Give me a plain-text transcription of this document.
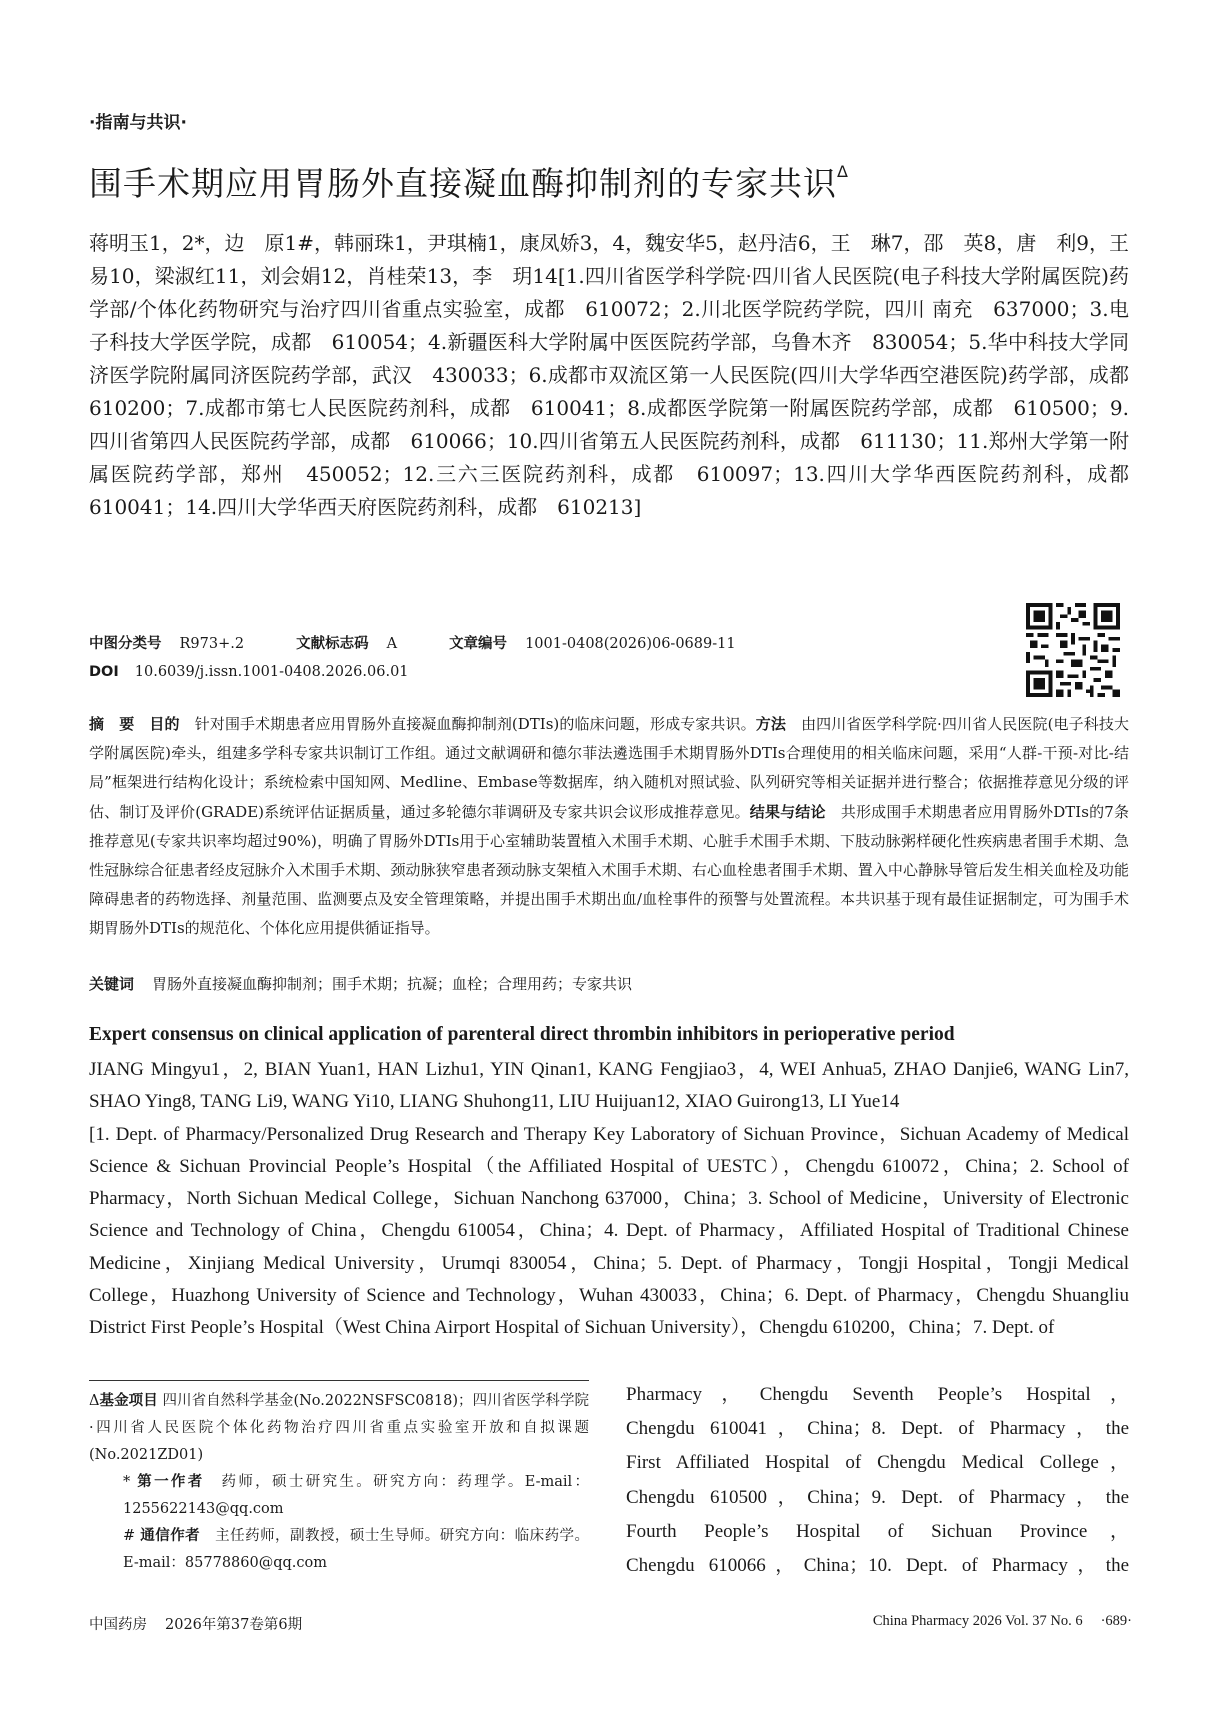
·指南与共识·
围手术期应用胃肠外直接凝血酶抑制剂的专家共识$^\Delta$
蒋明玉1，2*，边　原1#，韩丽珠1，尹琪楠1，康凤娇3，4，魏安华5，赵丹洁6，王　琳7，邵　英8，唐　利9，王　易10，梁淑红11，刘会娟12，肖桂荣13，李　玥14[1.四川省医学科学院·四川省人民医院(电子科技大学附属医院)药学部/个体化药物研究与治疗四川省重点实验室，成都　610072；2.川北医学院药学院，四川 南充　637000；3.电子科技大学医学院，成都　610054；4.新疆医科大学附属中医医院药学部，乌鲁木齐　830054；5.华中科技大学同济医学院附属同济医院药学部，武汉　430033；6.成都市双流区第一人民医院(四川大学华西空港医院)药学部，成都　610200；7.成都市第七人民医院药剂科，成都　610041；8.成都医学院第一附属医院药学部，成都　610500；9.四川省第四人民医院药学部，成都　610066；10.四川省第五人民医院药剂科，成都　611130；11.郑州大学第一附属医院药学部，郑州　450052；12.三六三医院药剂科，成都　610097；13.四川大学华西医院药剂科，成都　610041；14.四川大学华西天府医院药剂科，成都　610213]
中图分类号 R973+.2	文献标志码 A	文章编号 1001-0408(2026)06-0689-11
DOI 10.6039/j.issn.1001-0408.2026.06.01
摘　要　 目的　 针对围手术期患者应用胃肠外直接凝血酶抑制剂(DTIs)的临床问题，形成专家共识。方法　 由四川省医学科学院·四川省人民医院(电子科技大学附属医院)牵头，组建多学科专家共识制订工作组。通过文献调研和德尔菲法遴选围手术期胃肠外DTIs合理使用的相关临床问题，采用“人群-干预-对比-结局”框架进行结构化设计；系统检索中国知网、Medline、Embase等数据库，纳入随机对照试验、队列研究等相关证据并进行整合；依据推荐意见分级的评估、制订及评价(GRADE)系统评估证据质量，通过多轮德尔菲调研及专家共识会议形成推荐意见。结果与结论　 共形成围手术期患者应用胃肠外DTIs的7条推荐意见(专家共识率均超过90%)，明确了胃肠外DTIs用于心室辅助装置植入术围手术期、心脏手术围手术期、下肢动脉粥样硬化性疾病患者围手术期、急性冠脉综合征患者经皮冠脉介入术围手术期、颈动脉狭窄患者颈动脉支架植入术围手术期、右心血栓患者围手术期、置入中心静脉导管后发生相关血栓及功能障碍患者的药物选择、剂量范围、监测要点及安全管理策略，并提出围手术期出血/血栓事件的预警与处置流程。本共识基于现有最佳证据制定，可为围手术期胃肠外DTIs的规范化、个体化应用提供循证指导。
关键词 胃肠外直接凝血酶抑制剂；围手术期；抗凝；血栓；合理用药；专家共识
Expert consensus on clinical application of parenteral direct thrombin inhibitors in perioperative period
JIANG Mingyu1，2, BIAN Yuan1, HAN Lizhu1, YIN Qinan1, KANG Fengjiao3，4, WEI Anhua5, ZHAO Danjie6, WANG Lin7, SHAO Ying8, TANG Li9, WANG Yi10, LIANG Shuhong11, LIU Huijuan12, XIAO Guirong13, LI Yue14
[1. Dept. of Pharmacy/Personalized Drug Research and Therapy Key Laboratory of Sichuan Province，Sichuan Academy of Medical Science & Sichuan Provincial People’s Hospital（the Affiliated Hospital of UESTC），Chengdu 610072，China；2. School of Pharmacy，North Sichuan Medical College，Sichuan Nanchong 637000，China；3. School of Medicine，University of Electronic Science and Technology of China，Chengdu 610054，China；4. Dept. of Pharmacy，Affiliated Hospital of Traditional Chinese Medicine，Xinjiang Medical University，Urumqi 830054，China；5. Dept. of Pharmacy，Tongji Hospital，Tongji Medical College，Huazhong University of Science and Technology，Wuhan 430033，China；6. Dept. of Pharmacy，Chengdu Shuangliu District First People’s Hospital（West China Airport Hospital of Sichuan University），Chengdu 610200，China；7. Dept. of

Δ基金项目 四川省自然科学基金(No.2022NSFSC0818)；四川省医学科学院·四川省人民医院个体化药物治疗四川省重点实验室开放和自拟课题(No.2021ZD01)

* 第一作者　 药师，硕士研究生。研究方向：药理学。E-mail：1255622143@qq.com

# 通信作者　 主任药师，副教授，硕士生导师。研究方向：临床药学。E-mail：85778860@qq.com

Pharmacy，Chengdu Seventh People’s Hospital，
Chengdu 610041，China；8. Dept. of Pharmacy，the
First Affiliated Hospital of Chengdu Medical College，
Chengdu 610500，China；9. Dept. of Pharmacy，the
Fourth People’s Hospital of Sichuan Province，
Chengdu 610066，China；10. Dept. of Pharmacy，the
中国药房 2026年第37卷第6期	China Pharmacy 2026 Vol. 37 No. 6 ·689·
